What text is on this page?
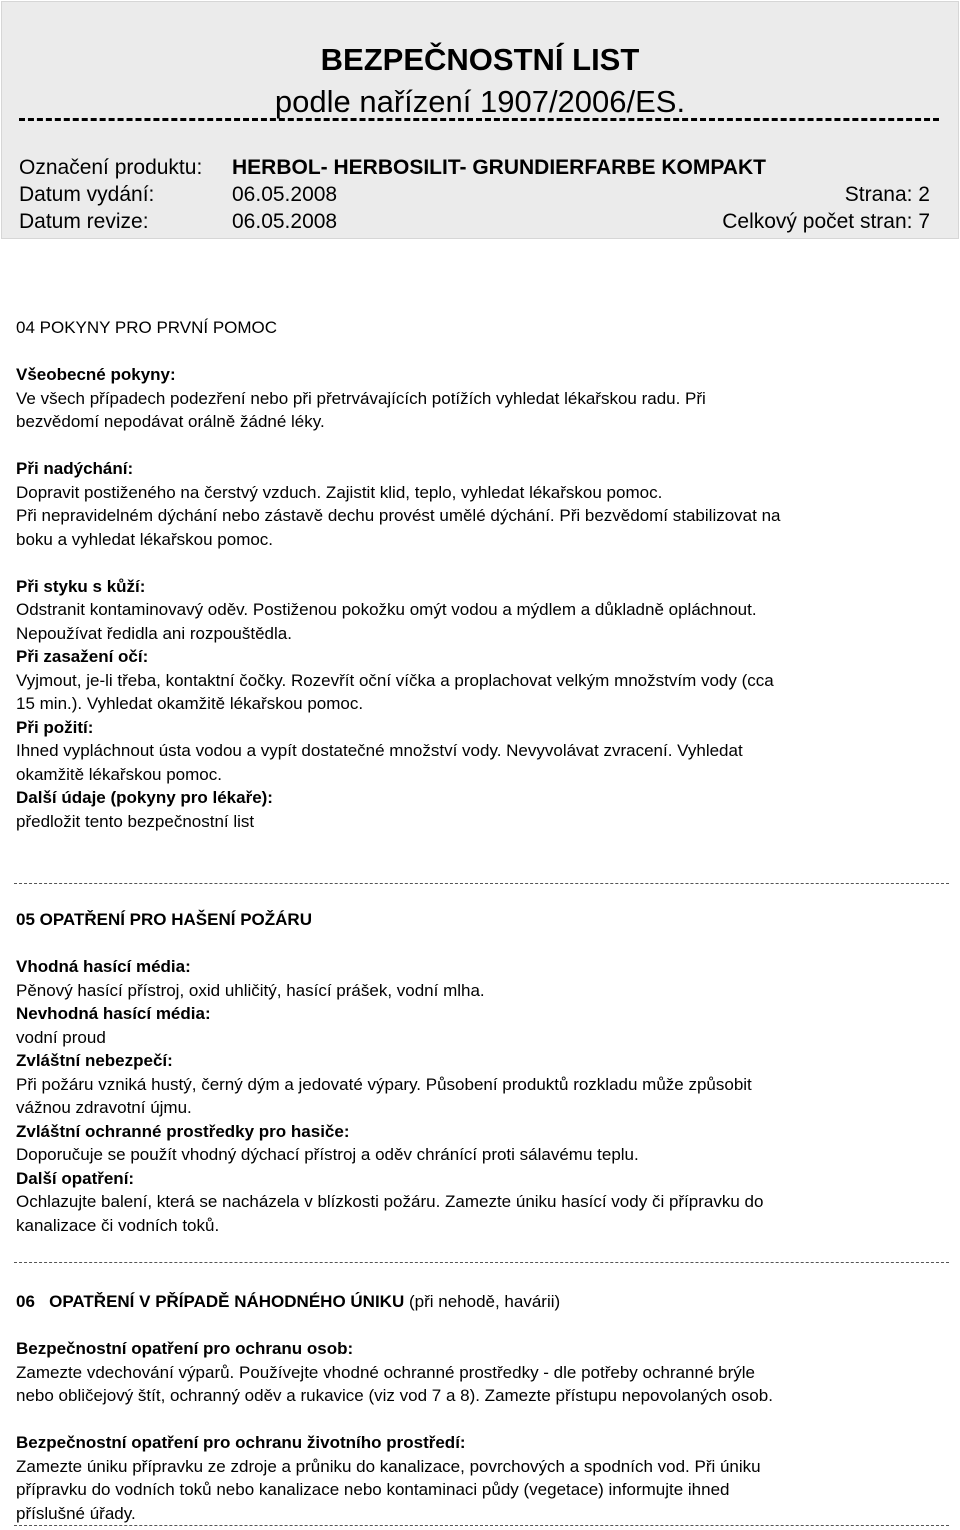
BEZPEČNOSTNÍ LIST
podle nařízení 1907/2006/ES.
Označení produktu: HERBOL- HERBOSILIT- GRUNDIERFARBE KOMPAKT
Datum vydání:	06.05.2008	Strana: 2
Datum revize:	06.05.2008	Celkový počet stran: 7

04 POKYNY PRO PRVNÍ POMOC

Všeobecné pokyny:

Ve všech případech podezření nebo při přetrvávajících potížích vyhledat lékařskou radu. Při

bezvědomí nepodávat orálně žádné léky.

Při nadýchání:

Dopravit postiženého na čerstvý vzduch. Zajistit klid, teplo, vyhledat lékařskou pomoc.

Při nepravidelném dýchání nebo zástavě dechu provést umělé dýchání. Při bezvědomí stabilizovat na

boku a vyhledat lékařskou pomoc.

Při styku s kůží:

Odstranit kontaminovavý oděv. Postiženou pokožku omýt vodou a mýdlem a důkladně opláchnout.

Nepoužívat ředidla ani rozpouštědla.

Při zasažení očí:

Vyjmout, je-li třeba, kontaktní čočky. Rozevřít oční víčka a proplachovat velkým množstvím vody (cca

15 min.). Vyhledat okamžitě lékařskou pomoc.

Při požití:

Ihned vypláchnout ústa vodou a vypít dostatečné množství vody. Nevyvolávat zvracení. Vyhledat

okamžitě lékařskou pomoc.

Další údaje (pokyny pro lékaře):

předložit tento bezpečnostní list

05 OPATŘENÍ PRO HAŠENÍ POŽÁRU

Vhodná hasící média:

Pěnový hasící přístroj, oxid uhličitý, hasící prášek, vodní mlha.

Nevhodná hasící média:

vodní proud

Zvláštní nebezpečí:

Při požáru vzniká hustý, černý dým a jedovaté výpary. Působení produktů rozkladu může způsobit

vážnou zdravotní újmu.

Zvláštní ochranné prostředky pro hasiče:

Doporučuje se použít vhodný dýchací přístroj a oděv chránící proti sálavému teplu.

Další opatření:

Ochlazujte balení, která se nacházela v blízkosti požáru. Zamezte úniku hasící vody či přípravku do

kanalizace či vodních toků.

06 OPATŘENÍ V PŘÍPADĚ NÁHODNÉHO ÚNIKU (při nehodě, havárii)

Bezpečnostní opatření pro ochranu osob:

Zamezte vdechování výparů. Používejte vhodné ochranné prostředky - dle potřeby ochranné brýle

nebo obličejový štít, ochranný oděv a rukavice (viz vod 7 a 8). Zamezte přístupu nepovolaných osob.

Bezpečnostní opatření pro ochranu životního prostředí:

Zamezte úniku přípravku ze zdroje a průniku do kanalizace, povrchových a spodních vod. Při úniku

přípravku do vodních toků nebo kanalizace nebo kontaminaci půdy (vegetace) informujte ihned

příslušné úřady.
